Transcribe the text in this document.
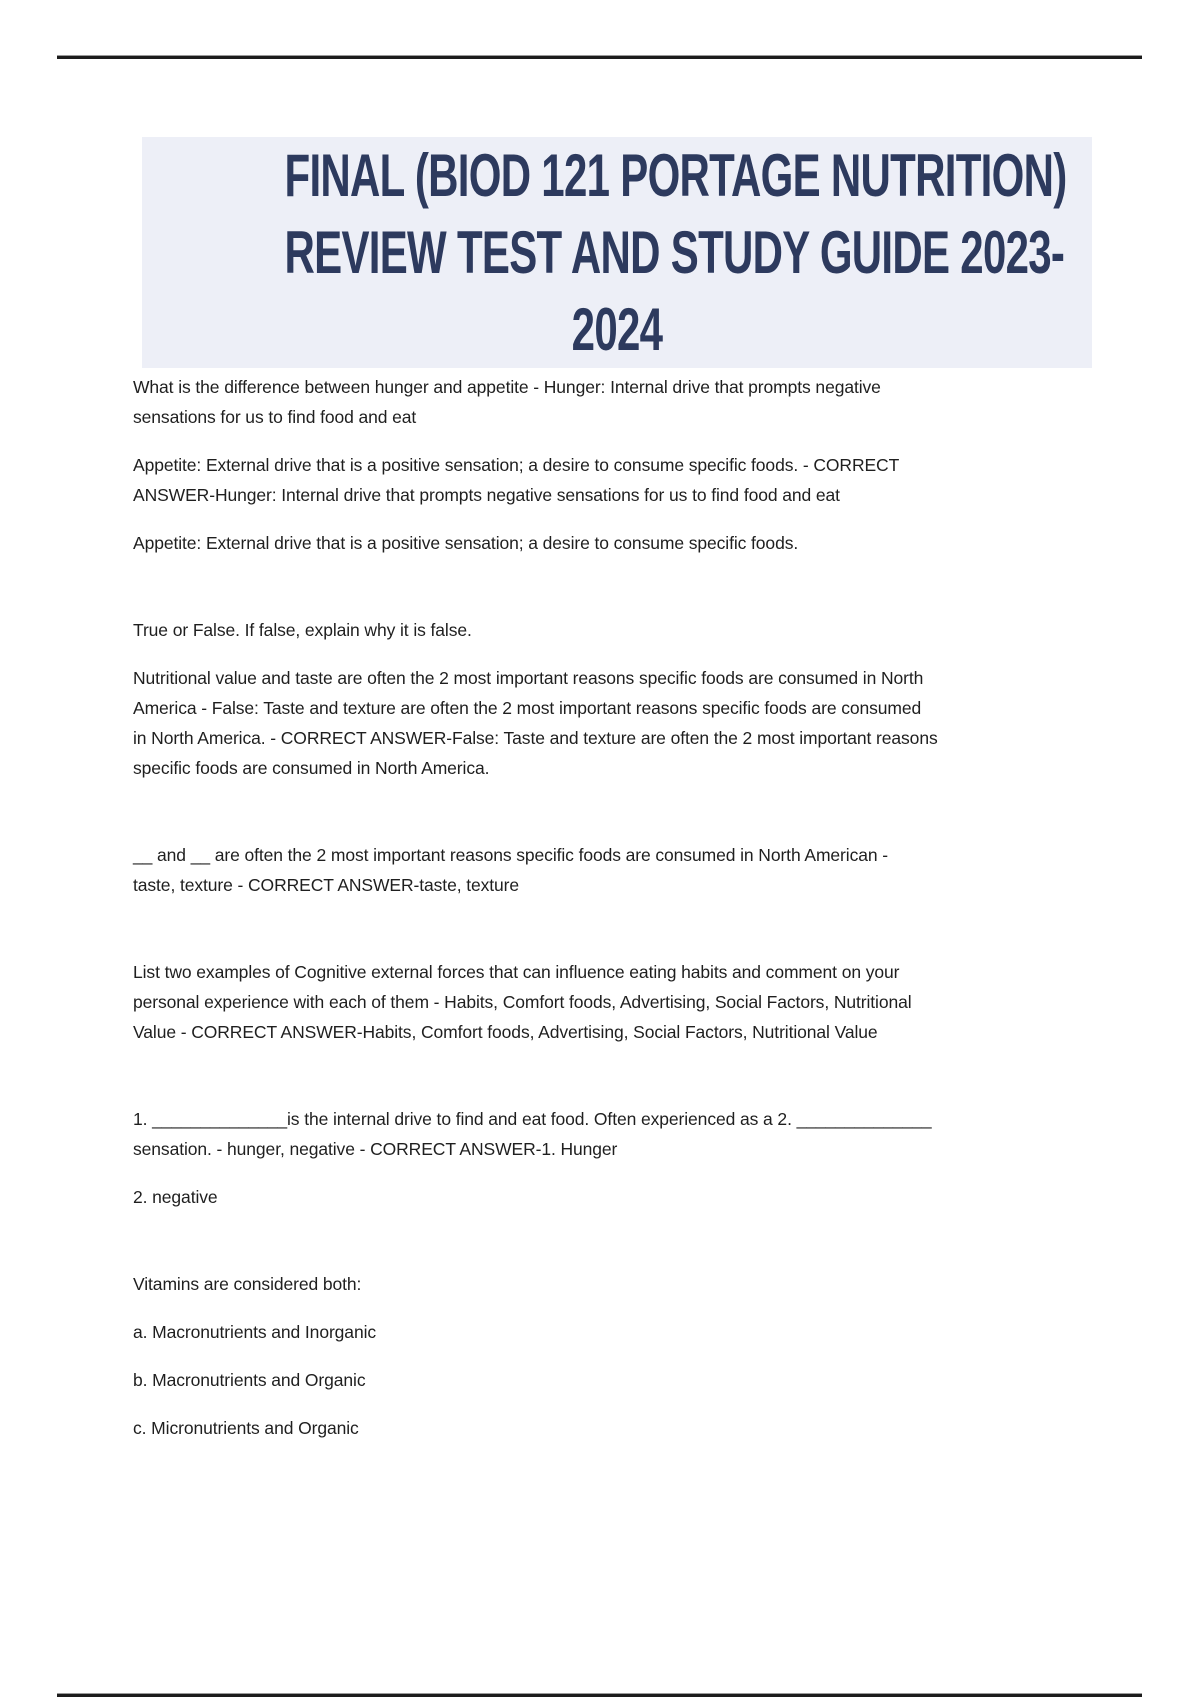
FINAL (BIOD 121 PORTAGE NUTRITION)
REVIEW TEST AND STUDY GUIDE 2023-
2024
What is the difference between hunger and appetite - Hunger: Internal drive that prompts negative
sensations for us to find food and eat
Appetite: External drive that is a positive sensation; a desire to consume specific foods. - CORRECT
ANSWER-Hunger: Internal drive that prompts negative sensations for us to find food and eat
Appetite: External drive that is a positive sensation; a desire to consume specific foods.
True or False. If false, explain why it is false.
Nutritional value and taste are often the 2 most important reasons specific foods are consumed in North
America - False: Taste and texture are often the 2 most important reasons specific foods are consumed
in North America. - CORRECT ANSWER-False: Taste and texture are often the 2 most important reasons
specific foods are consumed in North America.
__ and __ are often the 2 most important reasons specific foods are consumed in North American -
taste, texture - CORRECT ANSWER-taste, texture
List two examples of Cognitive external forces that can influence eating habits and comment on your
personal experience with each of them - Habits, Comfort foods, Advertising, Social Factors, Nutritional
Value - CORRECT ANSWER-Habits, Comfort foods, Advertising, Social Factors, Nutritional Value
1. ______________is the internal drive to find and eat food. Often experienced as a 2. ______________
sensation. - hunger, negative - CORRECT ANSWER-1. Hunger
2. negative
Vitamins are considered both:
a. Macronutrients and Inorganic
b. Macronutrients and Organic
c. Micronutrients and Organic
